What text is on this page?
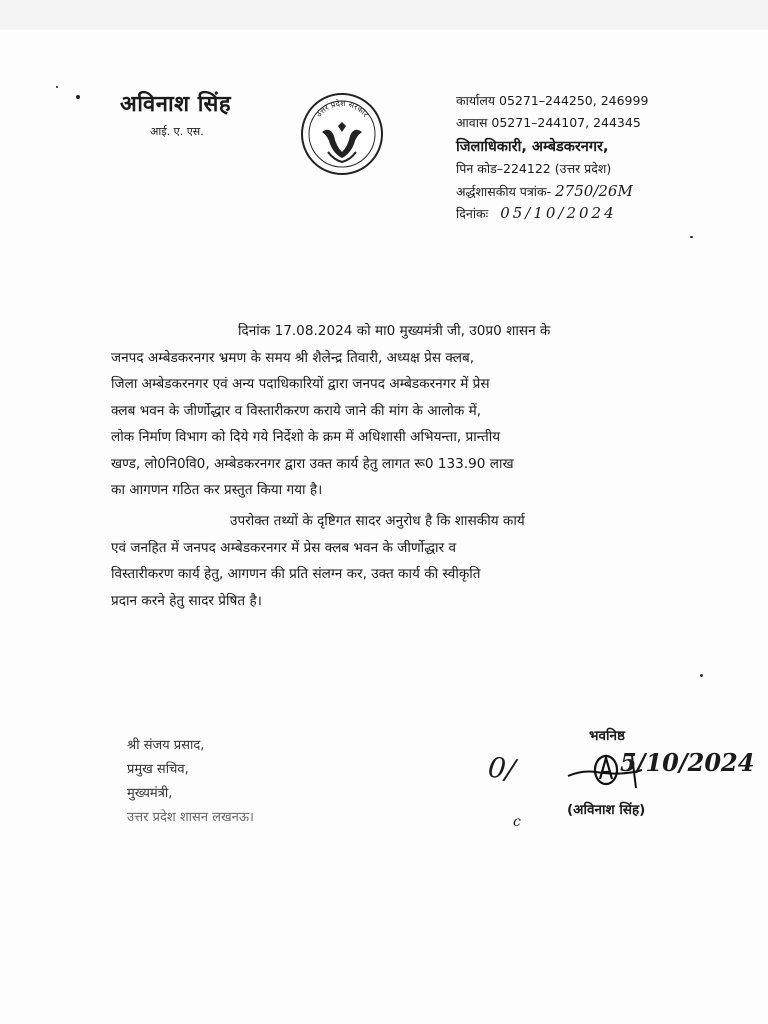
अविनाश सिंह
आई. ए. एस.
उत्तर प्रदेश सरकार
कार्यालय 05271–244250, 246999
आवास 05271–244107, 244345
जिलाधिकारी, अम्बेडकरनगर,
पिन कोड–224122 (उत्तर प्रदेश)
अर्द्धशासकीय पत्रांक- 2750/26M
दिनांकः 05/10/2024
दिनांक 17.08.2024 को मा0 मुख्यमंत्री जी, उ0प्र0 शासन के
जनपद अम्बेडकरनगर भ्रमण के समय श्री शैलेन्द्र तिवारी, अध्यक्ष प्रेस क्लब,
जिला अम्बेडकरनगर एवं अन्य पदाधिकारियों द्वारा जनपद अम्बेडकरनगर में प्रेस
क्लब भवन के जीर्णोद्धार व विस्तारीकरण कराये जाने की मांग के आलोक में,
लोक निर्माण विभाग को दिये गये निर्देशो के क्रम में अधिशासी अभियन्ता, प्रान्तीय
खण्ड, लो0नि0वि0, अम्बेडकरनगर द्वारा उक्त कार्य हेतु लागत रू0 133.90 लाख
का आगणन गठित कर प्रस्तुत किया गया है।
उपरोक्त तथ्यों के दृष्टिगत सादर अनुरोध है कि शासकीय कार्य
एवं जनहित में जनपद अम्बेडकरनगर में प्रेस क्लब भवन के जीर्णोद्धार व
विस्तारीकरण कार्य हेतु, आगणन की प्रति संलग्न कर, उक्त कार्य की स्वीकृति
प्रदान करने हेतु सादर प्रेषित है।
श्री संजय प्रसाद,
प्रमुख सचिव,
मुख्यमंत्री,
उत्तर प्रदेश शासन लखनऊ।
0/
c
भवनिष्ठ
5/10/2024
(अविनाश सिंह)
